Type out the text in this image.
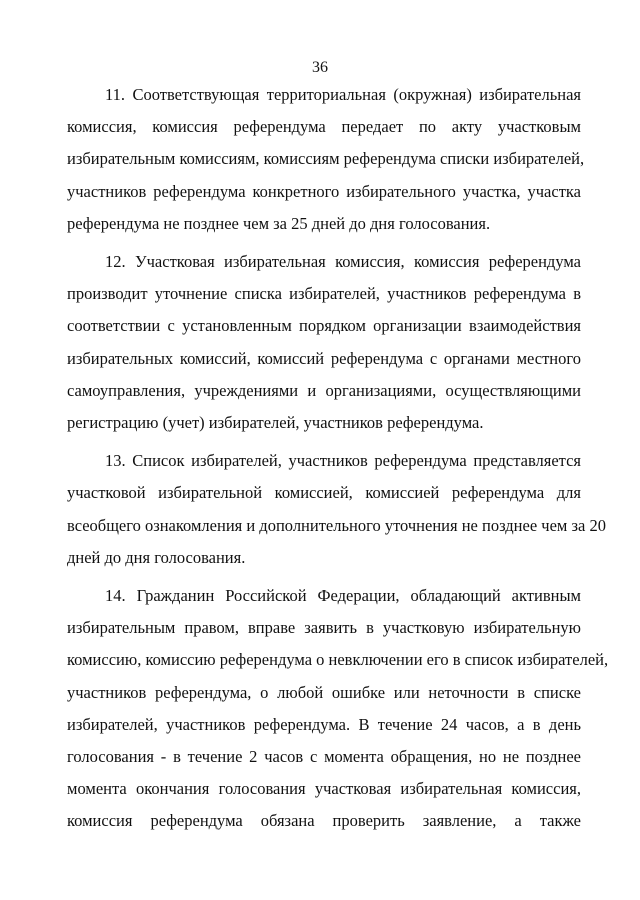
36

11. Соответствующая территориальная (окружная) избирательная
комиссия, комиссия референдума передает по акту участковым
избирательным комиссиям, комиссиям референдума списки избирателей,
участников референдума конкретного избирательного участка, участка
референдума не позднее чем за 25 дней до дня голосования.

12. Участковая избирательная комиссия, комиссия референдума
производит уточнение списка избирателей, участников референдума в
соответствии с установленным порядком организации взаимодействия
избирательных комиссий, комиссий референдума с органами местного
самоуправления, учреждениями и организациями, осуществляющими
регистрацию (учет) избирателей, участников референдума.

13. Список избирателей, участников референдума представляется
участковой избирательной комиссией, комиссией референдума для
всеобщего ознакомления и дополнительного уточнения не позднее чем за 20
дней до дня голосования.

14. Гражданин Российской Федерации, обладающий активным
избирательным правом, вправе заявить в участковую избирательную
комиссию, комиссию референдума о невключении его в список избирателей,
участников референдума, о любой ошибке или неточности в списке
избирателей, участников референдума. В течение 24 часов, а в день
голосования - в течение 2 часов с момента обращения, но не позднее
момента окончания голосования участковая избирательная комиссия,
комиссия референдума обязана проверить заявление, а также
